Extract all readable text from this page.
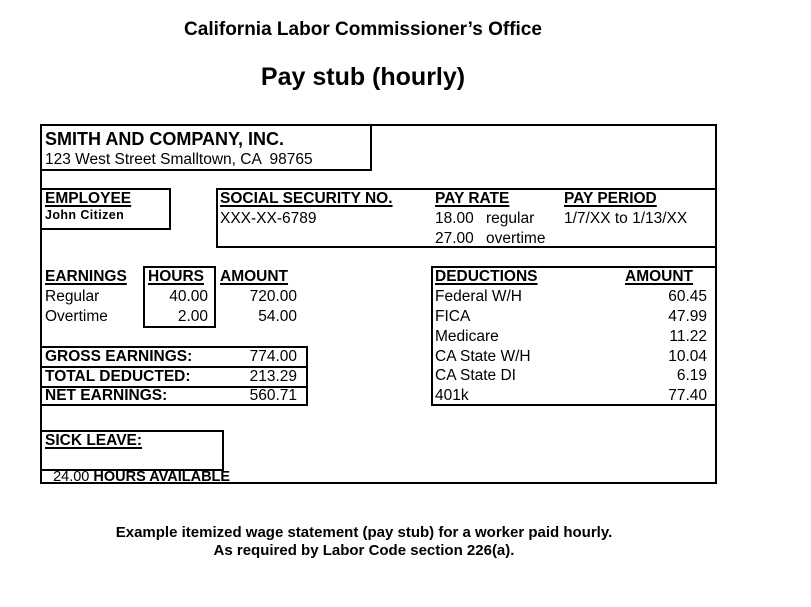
California Labor Commissioner’s Office
Pay stub (hourly)
SMITH AND COMPANY, INC.
123 West Street Smalltown, CA  98765
EMPLOYEE
John Citizen
SOCIAL SECURITY NO.
XXX-XX-6789
PAY RATE
18.00 regular
27.00 overtime
PAY PERIOD
1/7/XX to 1/13/XX
EARNINGS HOURS AMOUNT
Regular	40.00	720.00
Overtime	2.00	54.00
GROSS EARNINGS:	774.00
TOTAL DEDUCTED:	213.29
NET EARNINGS:	560.71
DEDUCTIONS	AMOUNT
Federal W/H	60.45
FICA	47.99
Medicare	11.22
CA State W/H	10.04
CA State DI	6.19
401k	77.40
SICK LEAVE:

24.00 HOURS AVAILABLE

Example itemized wage statement (pay stub) for a worker paid hourly.
As required by Labor Code section 226(a).
